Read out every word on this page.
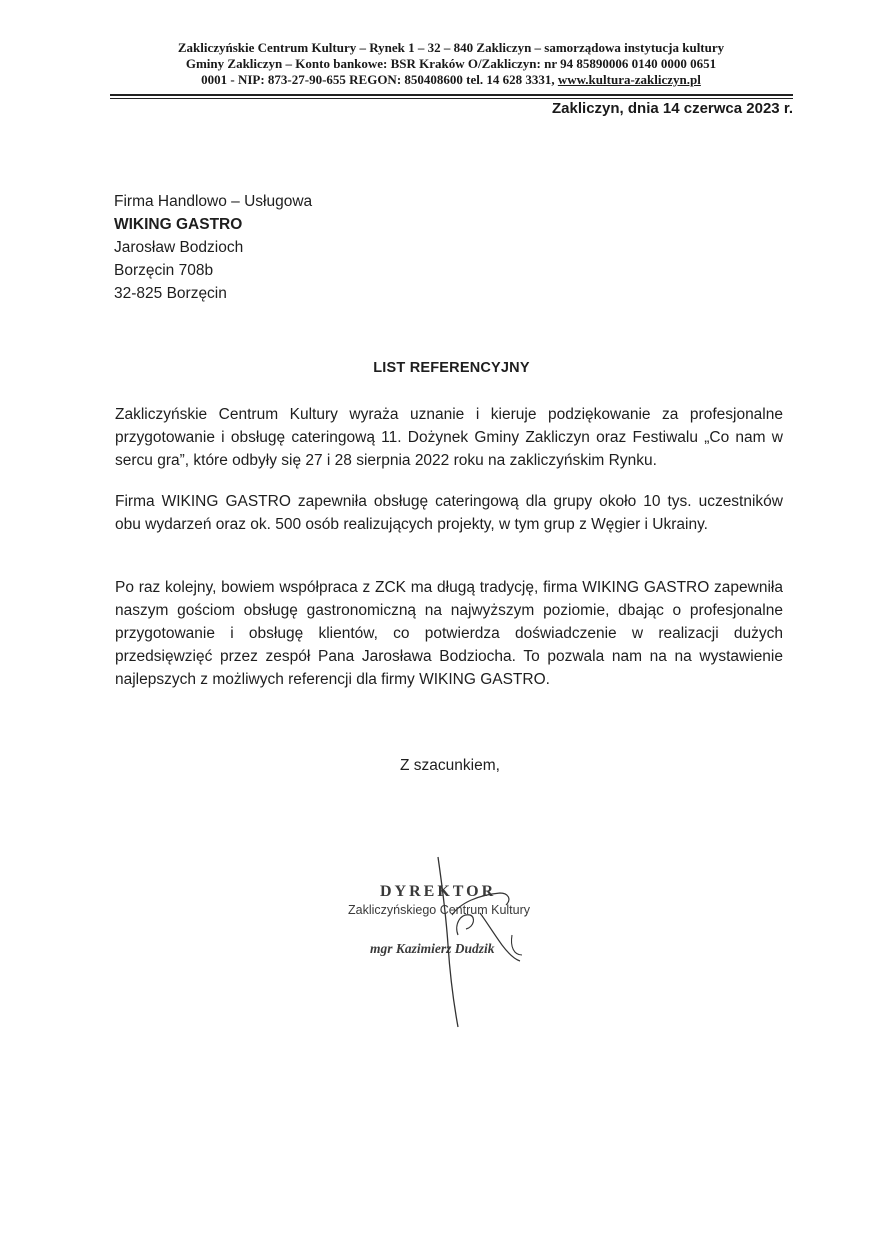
Zakliczyńskie Centrum Kultury – Rynek 1 – 32 – 840 Zakliczyn – samorządowa instytucja kultury
Gminy Zakliczyn – Konto bankowe: BSR Kraków O/Zakliczyn: nr 94 85890006 0140 0000 0651
0001 - NIP: 873-27-90-655 REGON: 850408600 tel. 14 628 3331, www.kultura-zakliczyn.pl
Zakliczyn, dnia 14 czerwca 2023 r.
Firma Handlowo – Usługowa
WIKING GASTRO
Jarosław Bodzioch
Borzęcin 708b
32-825 Borzęcin
LIST REFERENCYJNY
Zakliczyńskie Centrum Kultury wyraża uznanie i kieruje podziękowanie za profesjonalne przygotowanie i obsługę cateringową 11. Dożynek Gminy Zakliczyn oraz Festiwalu „Co nam w sercu gra”, które odbyły się 27 i 28 sierpnia 2022 roku na zakliczyńskim Rynku.
Firma WIKING GASTRO zapewniła obsługę cateringową dla grupy około 10 tys. uczestników obu wydarzeń oraz ok. 500 osób realizujących projekty, w tym grup z Węgier i Ukrainy.
Po raz kolejny, bowiem współpraca z ZCK ma długą tradycję, firma WIKING GASTRO zapewniła naszym gościom obsługę gastronomiczną na najwyższym poziomie, dbając o profesjonalne przygotowanie i obsługę klientów, co potwierdza doświadczenie w realizacji dużych przedsięwzięć przez zespół Pana Jarosława Bodziocha. To pozwala nam na na wystawienie najlepszych z możliwych referencji dla firmy WIKING GASTRO.
Z szacunkiem,
DYREKTOR
Zakliczyńskiego Centrum Kultury
mgr Kazimierz Dudzik
